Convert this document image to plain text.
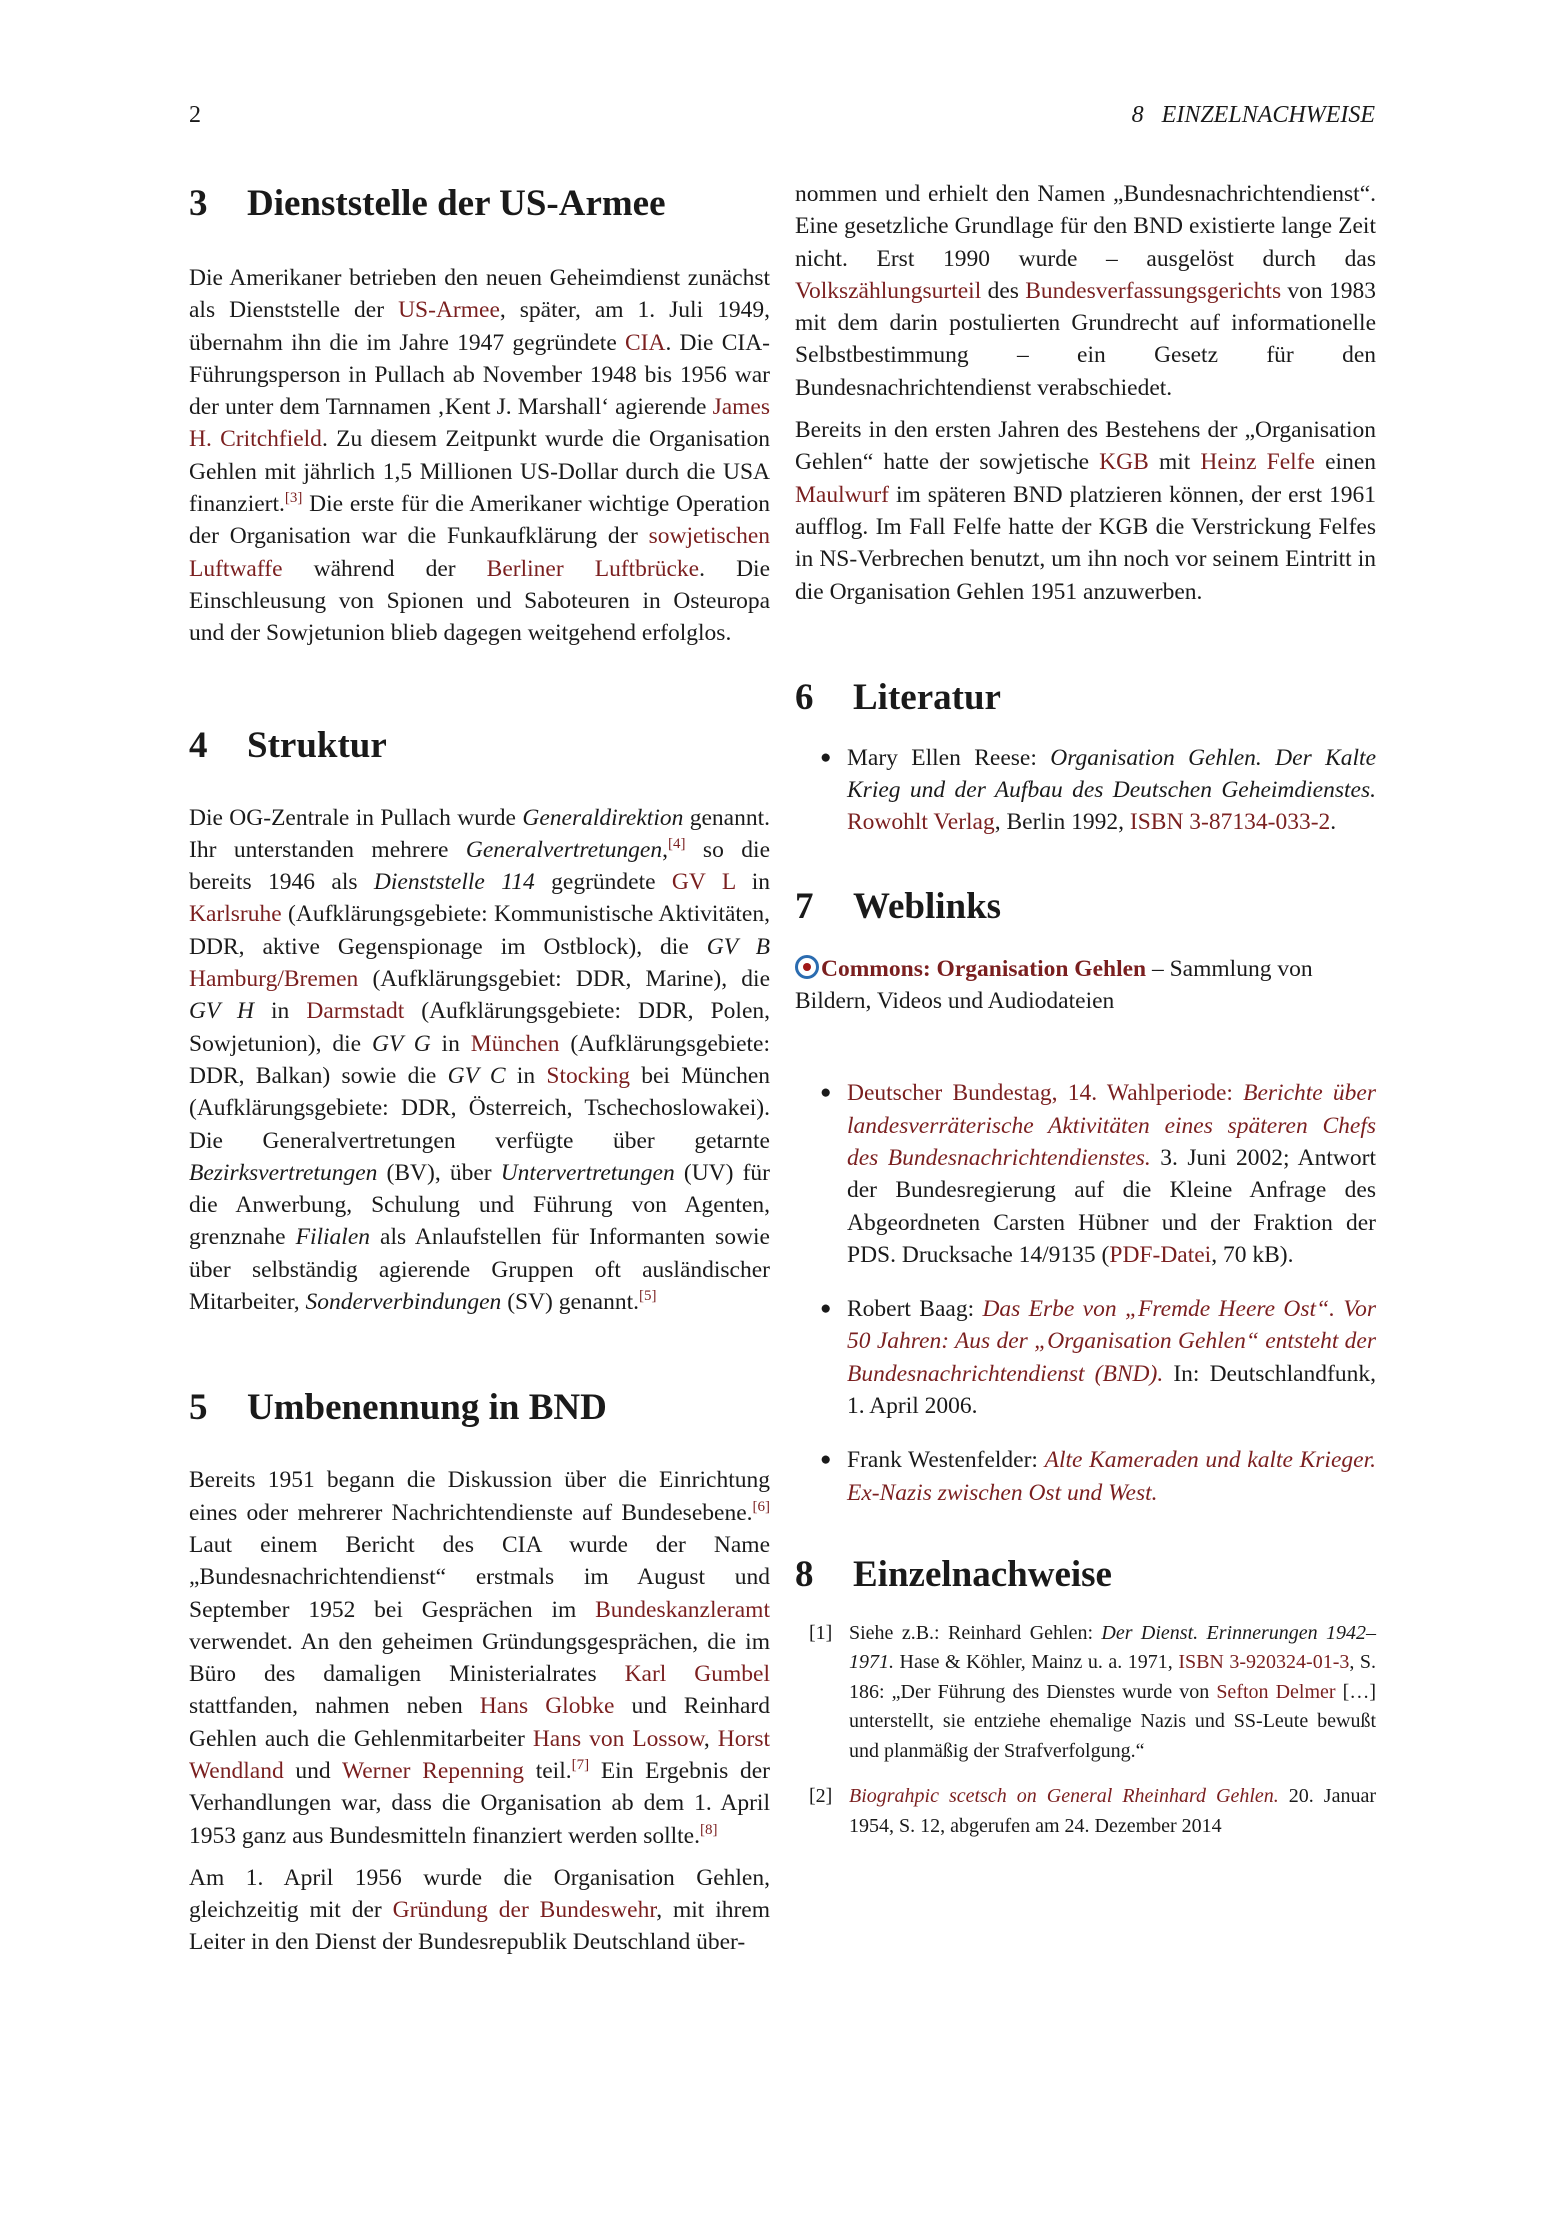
2	8   EINZELNACHWEISE
3 Dienststelle der US-Armee

Die Amerikaner betrieben den neuen Geheimdienst zunächst als Dienststelle der US-Armee, später, am 1. Juli 1949, übernahm ihn die im Jahre 1947 gegründete CIA. Die CIA-Führungsperson in Pullach ab November 1948 bis 1956 war der unter dem Tarnnamen ‚Kent J. Marshall‘ agierende James H. Critchfield. Zu diesem Zeitpunkt wurde die Organisation Gehlen mit jährlich 1,5 Millionen US-Dollar durch die USA finanziert.[3] Die erste für die Amerikaner wichtige Operation der Organisation war die Funkaufklärung der sowjetischen Luftwaffe während der Berliner Luftbrücke. Die Einschleusung von Spionen und Saboteuren in Osteuropa und der Sowjetunion blieb dagegen weitgehend erfolglos.

4 Struktur

Die OG-Zentrale in Pullach wurde Generaldirektion genannt. Ihr unterstanden mehrere Generalvertretungen,[4] so die bereits 1946 als Dienststelle 114 gegründete GV L in Karlsruhe (Aufklärungsgebiete: Kommunistische Aktivitäten, DDR, aktive Gegenspionage im Ostblock), die GV B Hamburg/Bremen (Aufklärungsgebiet: DDR, Marine), die GV H in Darmstadt (Aufklärungsgebiete: DDR, Polen, Sowjetunion), die GV G in München (Aufklärungsgebiete: DDR, Balkan) sowie die GV C in Stocking bei München (Aufklärungsgebiete: DDR, Österreich, Tschechoslowakei). Die Generalvertretungen verfügte über getarnte Bezirksvertretungen (BV), über Untervertretungen (UV) für die Anwerbung, Schulung und Führung von Agenten, grenznahe Filialen als Anlaufstellen für Informanten sowie über selbständig agierende Gruppen oft ausländischer Mitarbeiter, Sonderverbindungen (SV) genannt.[5]

5 Umbenennung in BND

Bereits 1951 begann die Diskussion über die Einrichtung eines oder mehrerer Nachrichtendienste auf Bundesebene.[6] Laut einem Bericht des CIA wurde der Name „Bundesnachrichtendienst“ erstmals im August und September 1952 bei Gesprächen im Bundeskanzleramt verwendet. An den geheimen Gründungsgesprächen, die im Büro des damaligen Ministerialrates Karl Gumbel stattfanden, nahmen neben Hans Globke und Reinhard Gehlen auch die Gehlenmitarbeiter Hans von Lossow, Horst Wendland und Werner Repenning teil.[7] Ein Ergebnis der Verhandlungen war, dass die Organisation ab dem 1. April 1953 ganz aus Bundesmitteln finanziert werden sollte.[8]

Am 1. April 1956 wurde die Organisation Gehlen, gleichzeitig mit der Gründung der Bundeswehr, mit ihrem Leiter in den Dienst der Bundesrepublik Deutschland über-

nommen und erhielt den Namen „Bundesnachrichtendienst“. Eine gesetzliche Grundlage für den BND existierte lange Zeit nicht. Erst 1990 wurde – ausgelöst durch das Volkszählungsurteil des Bundesverfassungsgerichts von 1983 mit dem darin postulierten Grundrecht auf informationelle Selbstbestimmung – ein Gesetz für den Bundesnachrichtendienst verabschiedet.

Bereits in den ersten Jahren des Bestehens der „Organisation Gehlen“ hatte der sowjetische KGB mit Heinz Felfe einen Maulwurf im späteren BND platzieren können, der erst 1961 aufflog. Im Fall Felfe hatte der KGB die Verstrickung Felfes in NS-Verbrechen benutzt, um ihn noch vor seinem Eintritt in die Organisation Gehlen 1951 anzuwerben.

6 Literatur
● Mary Ellen Reese: Organisation Gehlen. Der Kalte Krieg und der Aufbau des Deutschen Geheimdienstes. Rowohlt Verlag, Berlin 1992, ISBN 3-87134-033-2.
7 Weblinks

Commons: Organisation Gehlen – Sammlung von Bildern, Videos und Audiodateien

● Deutscher Bundestag, 14. Wahlperiode: Berichte über landesverräterische Aktivitäten eines späteren Chefs des Bundesnachrichtendienstes. 3. Juni 2002; Antwort der Bundesregierung auf die Kleine Anfrage des Abgeordneten Carsten Hübner und der Fraktion der PDS. Drucksache 14/9135 (PDF-Datei, 70 kB).
● Robert Baag: Das Erbe von „Fremde Heere Ost“. Vor 50 Jahren: Aus der „Organisation Gehlen“ entsteht der Bundesnachrichtendienst (BND). In: Deutschlandfunk, 1. April 2006.
● Frank Westenfelder: Alte Kameraden und kalte Krieger. Ex-Nazis zwischen Ost und West.
8 Einzelnachweise
[1] Siehe z.B.: Reinhard Gehlen: Der Dienst. Erinnerungen 1942–1971. Hase & Köhler, Mainz u. a. 1971, ISBN 3-920324-01-3, S. 186: „Der Führung des Dienstes wurde von Sefton Delmer […] unterstellt, sie entziehe ehemalige Nazis und SS-Leute bewußt und planmäßig der Strafverfolgung.“
[2] Biograhpic scetsch on General Rheinhard Gehlen. 20. Januar 1954, S. 12, abgerufen am 24. Dezember 2014
